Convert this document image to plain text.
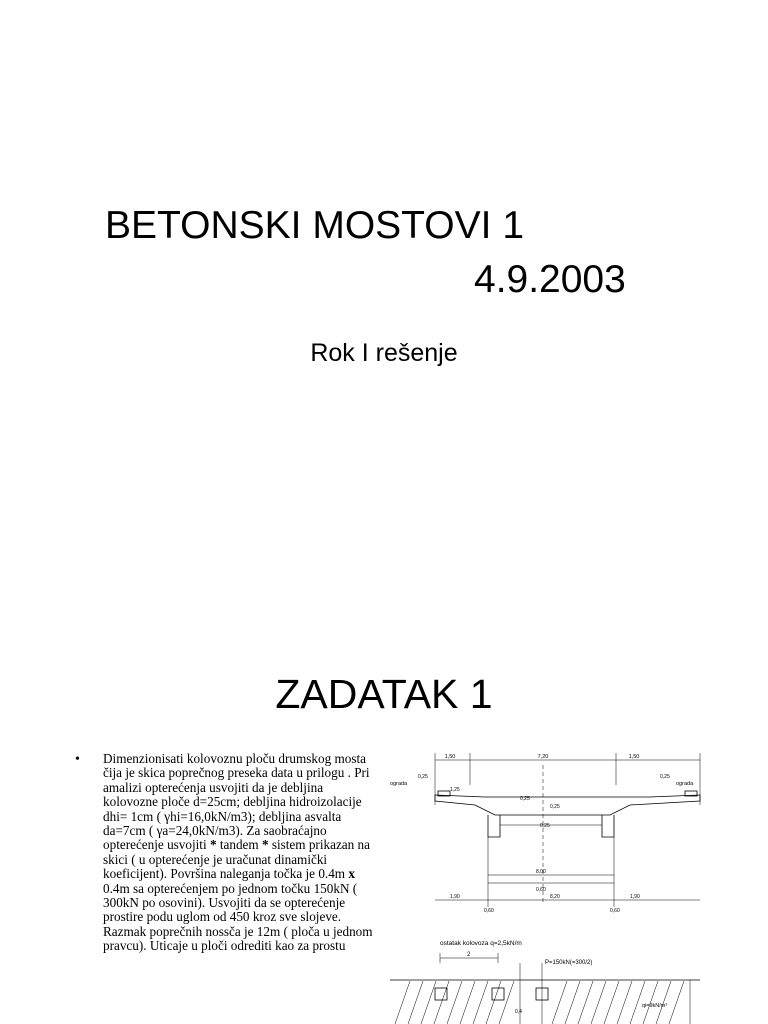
BETONSKI MOSTOVI 1
4.9.2003
Rok I rešenje
ZADATAK 1
• Dimenzionisati kolovoznu ploču drumskog mosta čija je skica poprečnog preseka data u prilogu . Pri amalizi opterećenja usvojiti da je debljina kolovozne ploče d=25cm; debljina hidroizolacije dhi= 1cm ( γhi=16,0kN/m3); debljina asvalta da=7cm ( γa=24,0kN/m3). Za saobraćajno opterećenje usvojiti * tandem * sistem prikazan na skici ( u opterećenje je uračunat dinamički koeficijent). Površina naleganja točka je 0.4m x 0.4m sa opterećenjem po jednom točku 150kN ( 300kN po osovini). Usvojiti da se opterećenje prostire podu uglom od 450 kroz sve slojeve. Razmak poprečnih nossča je 12m ( ploča u jednom pravcu). Uticaje u ploči odrediti kao za prostu
1,50	7,20	1,50
ograda	ograda
0,25	0,25
1,25
0,25
0,25
0,25
8,00
0,60
1,90	8,20	1,90
0,60	0,60
ostatak kolovoza q=2,5kN/m
2
P=150kN(=300/2)
0,4
qi=9kN/m²
